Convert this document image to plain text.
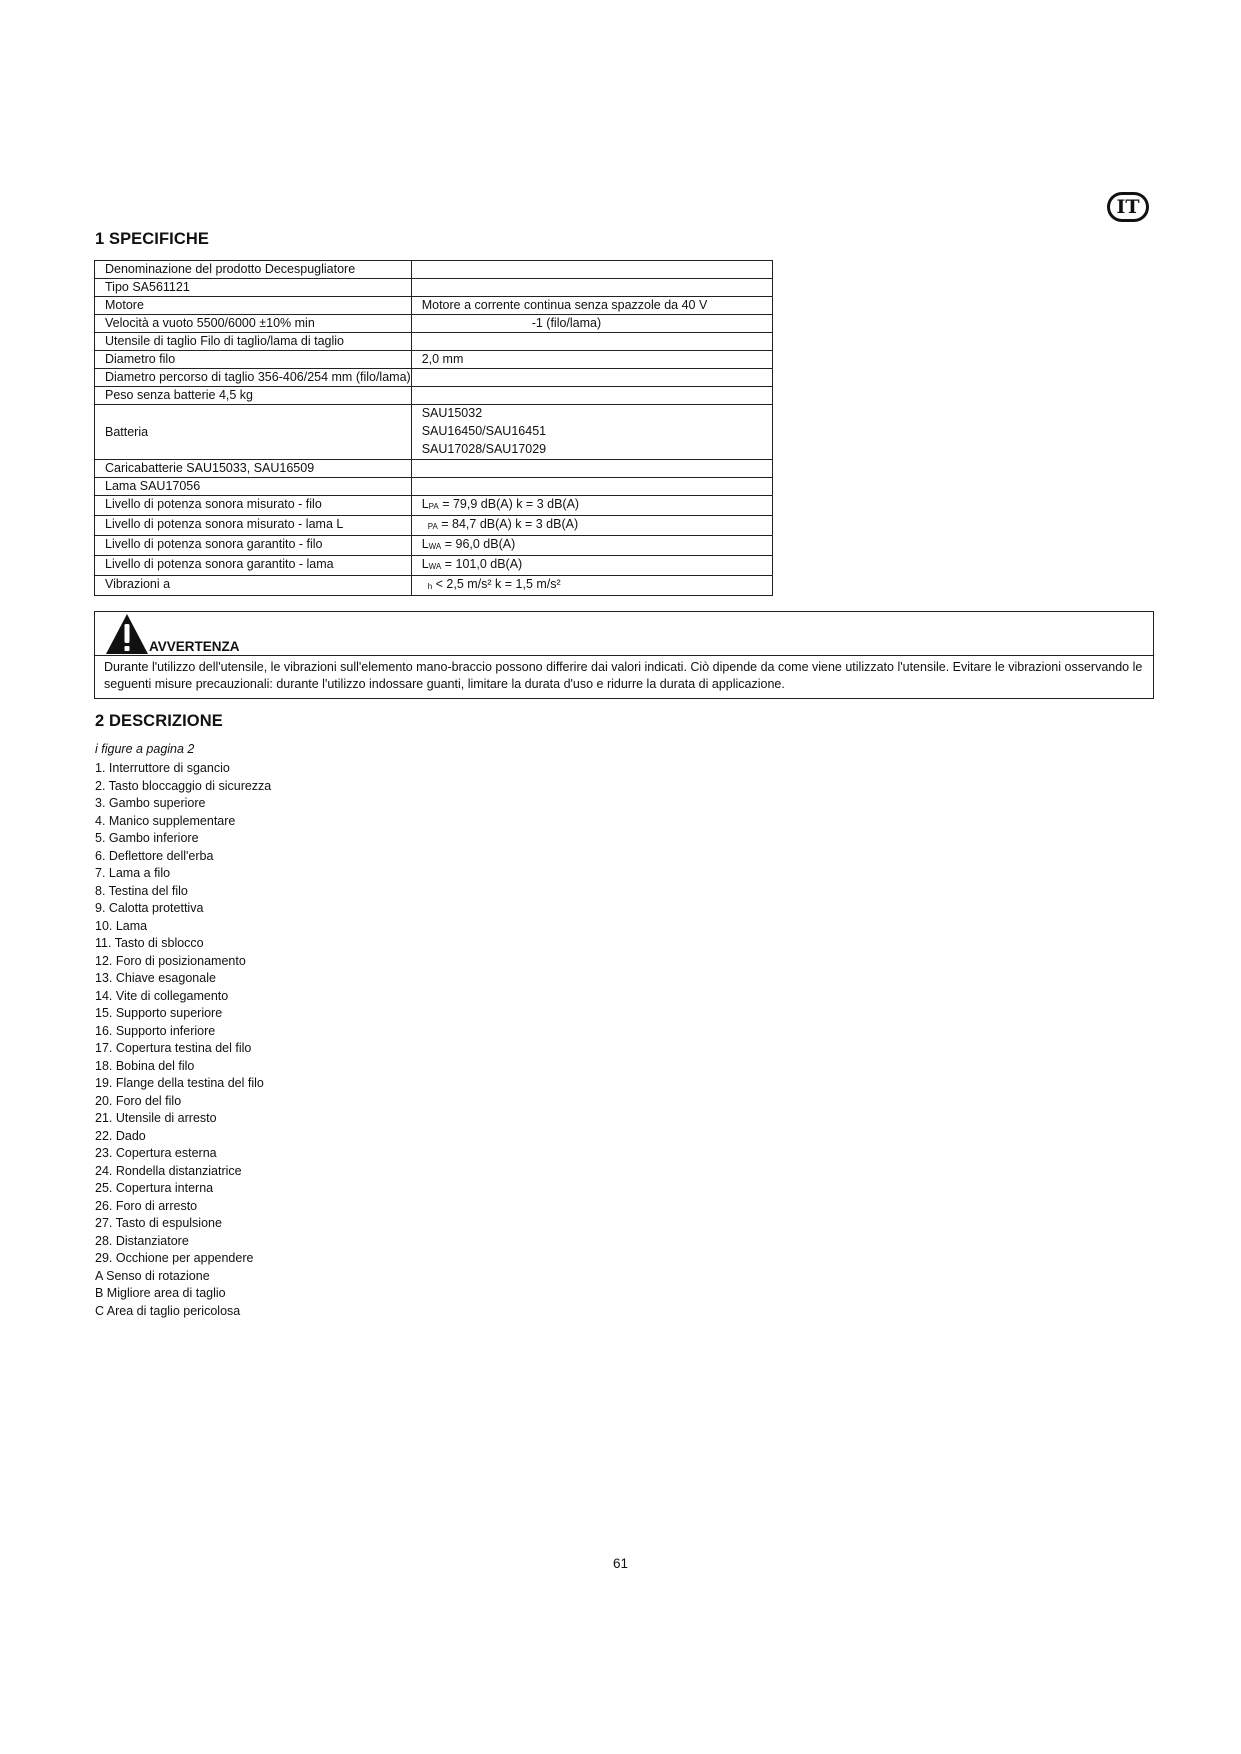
IT
1 SPECIFICHE
Denominazione del prodotto Decespugliatore	
Tipo SA561121	
Motore	Motore a corrente continua senza spazzole da 40 V
Velocità a vuoto 5500/6000 ±10% min	-1 (filo/lama)
Utensile di taglio Filo di taglio/lama di taglio	
Diametro filo	2,0 mm
Diametro percorso di taglio 356-406/254 mm (filo/lama)	
Peso senza batterie 4,5 kg	
Batteria	SAU15032
SAU16450/SAU16451
SAU17028/SAU17029

Caricabatterie SAU15033, SAU16509	
Lama SAU17056	
Livello di potenza sonora misurato - filo	$L_{PA} = 79,9$ dB(A) k = 3 dB(A)
Livello di potenza sonora misurato - lama L	$_{PA}$ = 84,7 dB(A) k = 3 dB(A)
Livello di potenza sonora garantito - filo	$L_{WA} = 96,0$ dB(A)
Livello di potenza sonora garantito - lama	$L_{WA} = 101,0$ dB(A)
Vibrazioni a	$_h$ < 2,5 m/s² k = 1,5 m/s²
AVVERTENZA
Durante l'utilizzo dell'utensile, le vibrazioni sull'elemento mano-braccio possono differire dai valori indicati. Ciò dipende da come viene utilizzato l'utensile. Evitare le vibrazioni osservando le seguenti misure precauzionali: durante l'utilizzo indossare guanti, limitare la durata d'uso e ridurre la durata di applicazione.
2 DESCRIZIONE
i figure a pagina 2
1. Interruttore di sgancio
2. Tasto bloccaggio di sicurezza
3. Gambo superiore
4. Manico supplementare
5. Gambo inferiore
6. Deflettore dell'erba
7. Lama a filo
8. Testina del filo
9. Calotta protettiva
10. Lama
11. Tasto di sblocco
12. Foro di posizionamento
13. Chiave esagonale
14. Vite di collegamento
15. Supporto superiore
16. Supporto inferiore
17. Copertura testina del filo
18. Bobina del filo
19. Flange della testina del filo
20. Foro del filo
21. Utensile di arresto
22. Dado
23. Copertura esterna
24. Rondella distanziatrice
25. Copertura interna
26. Foro di arresto
27. Tasto di espulsione
28. Distanziatore
29. Occhione per appendere
A Senso di rotazione
B Migliore area di taglio
C Area di taglio pericolosa
61
